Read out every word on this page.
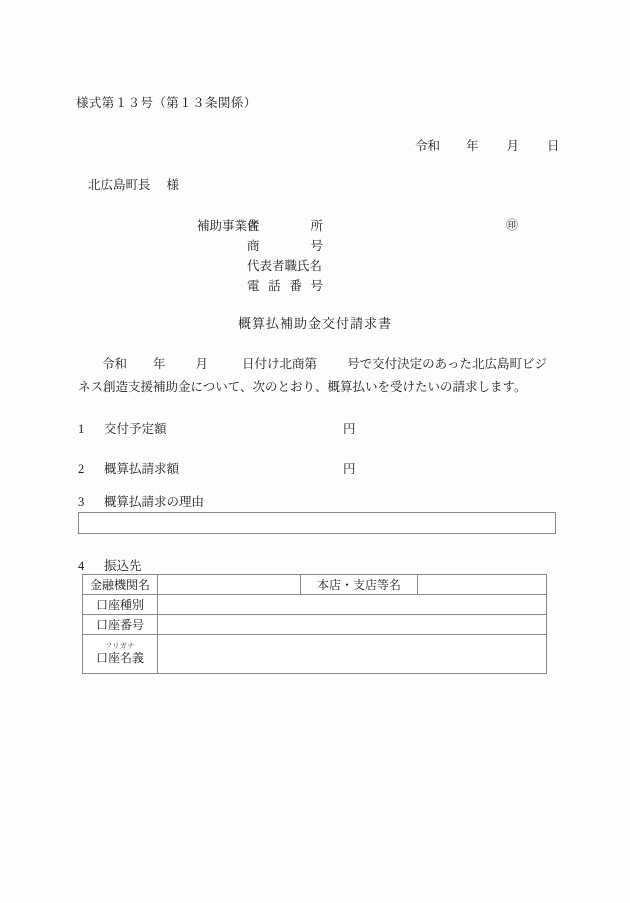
様式第１３号（第１３条関係）
令和 年 月 日
北広島町長 様
補助事業者
住所
商号
代表者職氏名
㊞
電話番号
概算払補助金交付請求書
令和 年 月	日付け北商第 号で交付決定のあった北広島町ビジネス創造支援補助金について、次のとおり、概算払いを受けたいの請求します。
1 交付予定額	円
2 概算払請求額	円
3 概算払請求の理由
4 振込先
金融機関名		本店・支店等名	
口座種別			
口座番号			

フリガナ
口座名義			
